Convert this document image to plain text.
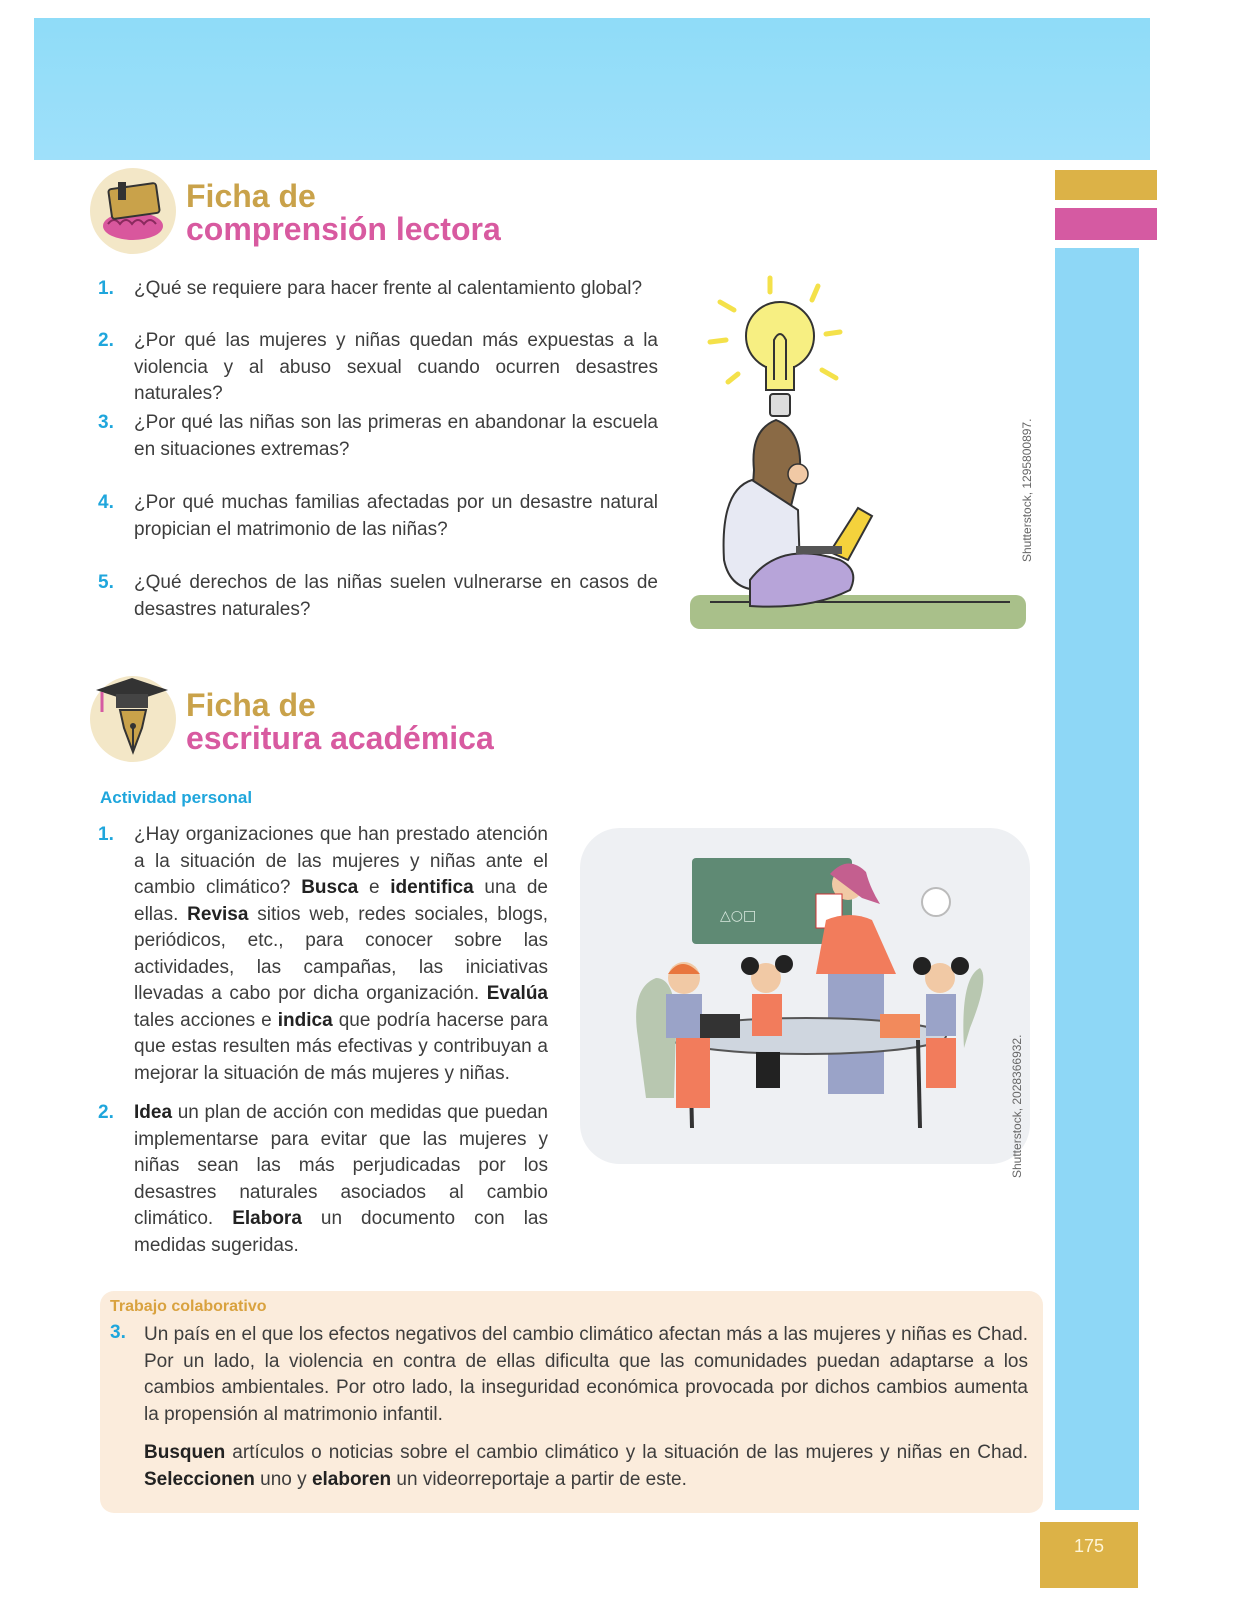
175
Ficha de
comprensión lectora
1. ¿Qué se requiere para hacer frente al calentamiento global?
2. ¿Por qué las mujeres y niñas quedan más expuestas a la violencia y al abuso sexual cuando ocurren desastres naturales?
3. ¿Por qué las niñas son las primeras en abandonar la escuela en situaciones extremas?
4. ¿Por qué muchas familias afectadas por un desastre natural propician el matrimonio de las niñas?
5. ¿Qué derechos de las niñas suelen vulnerarse en casos de desastres naturales?
Shutterstock, 1295800897.
Ficha de
escritura académica
Actividad personal
1. ¿Hay organizaciones que han prestado atención a la situación de las mujeres y niñas ante el cambio climático? Busca e identifica una de ellas. Revisa sitios web, redes sociales, blogs, periódicos, etc., para conocer sobre las actividades, las campañas, las iniciativas llevadas a cabo por dicha organización. Evalúa tales acciones e indica que podría hacerse para que estas resulten más efectivas y contribuyan a mejorar la situación de más mujeres y niñas.
2. Idea un plan de acción con medidas que puedan implementarse para evitar que las mujeres y niñas sean las más perjudicadas por los desastres naturales asociados al cambio climático. Elabora un documento con las medidas sugeridas.
△○□
Shutterstock, 2028366932.
Trabajo colaborativo
3. Un país en el que los efectos negativos del cambio climático afectan más a las mujeres y niñas es Chad. Por un lado, la violencia en contra de ellas dificulta que las comunidades puedan adaptarse a los cambios ambientales. Por otro lado, la inseguridad económica provocada por dichos cambios aumenta la propensión al matrimonio infantil.
Busquen artículos o noticias sobre el cambio climático y la situación de las mujeres y niñas en Chad. Seleccionen uno y elaboren un videorreportaje a partir de este.
